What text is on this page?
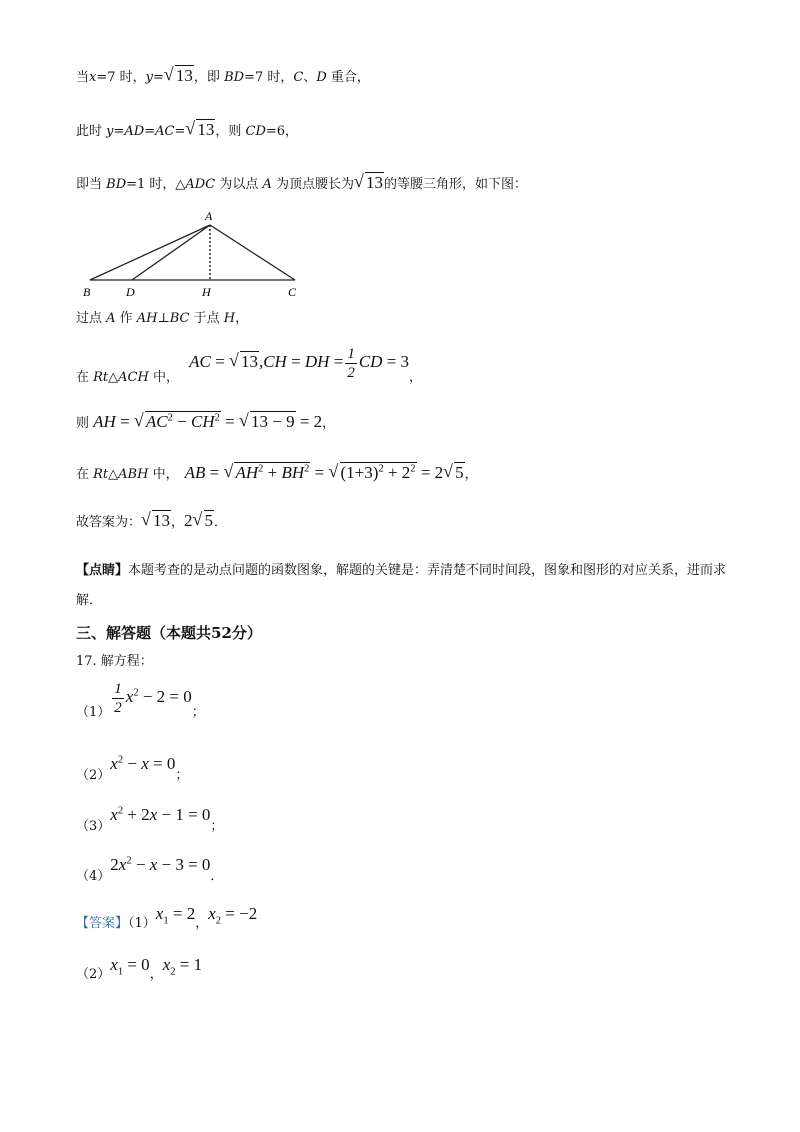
当x=7 时，y=√ 13，即 BD=7 时，C、D 重合，
此时 y=AD=AC=√ 13，则 CD=6，
即当 BD=1 时，△ADC 为以点 A 为顶点腰长为√ 13的等腰三角形，如下图：
A
B	D	H	C
过点 A 作 AH⊥BC 于点 H，
在 Rt△ACH 中， AC = √ 13,CH = DH = $\frac{1}{2}$ CD = 3，
则 AH = √ $AC^2 - CH^2$ = √ 13 − 9 = 2，
在 Rt△ABH 中， AB = √ $AH^2 + BH^2$ = √ $(1+3)^2 + 2^2 = 2√$ 5，
故答案为：√ 13，2√ 5．
【点睛】本题考查的是动点问题的函数图象，解题的关键是：弄清楚不同时间段，图象和图形的对应关系，进而求解．
三、解答题（本题共52分）
17. 解方程：
$(1) \frac{1}{2} x^2 - 2 = 0$；
$(2)x^2 - x = 0$；
$(3)x^2 + 2x - 1 = 0$；
$(4)2x^2 - x - 3 = 0$．
【答案】$(1)x_1 = 2$，$x_2 = -2$
$(2)x_1 = 0$，$x_2 = 1$
